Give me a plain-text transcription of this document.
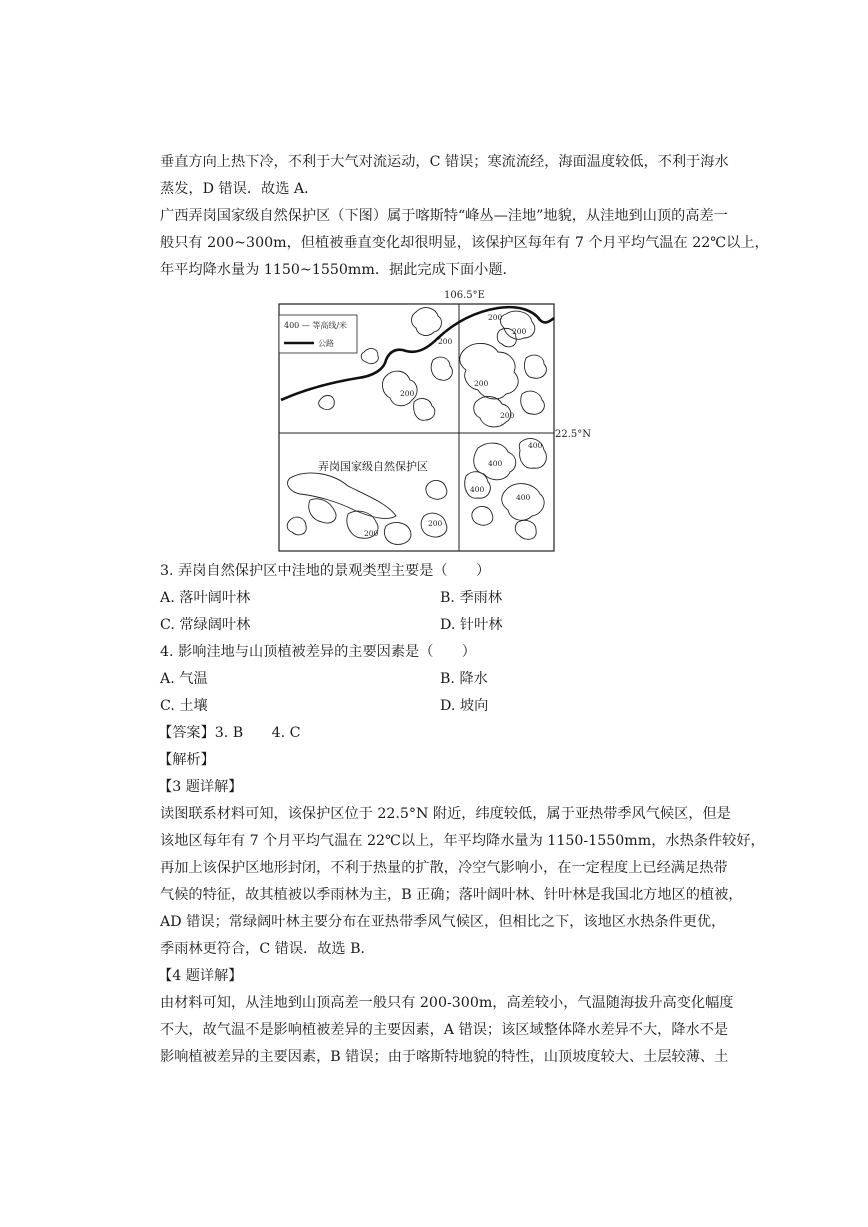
垂直方向上热下冷，不利于大气对流运动，C 错误；寒流流经，海面温度较低，不利于海水
蒸发，D 错误．故选 A．
广西弄岗国家级自然保护区（下图）属于喀斯特“峰丛—洼地”地貌，从洼地到山顶的高差一
般只有 200~300m，但植被垂直变化却很明显，该保护区每年有 7 个月平均气温在 22℃以上，
年平均降水量为 1150~1550mm．据此完成下面小题．
106.5°E
22.5°N
400 — 等高线/米
公路
弄岗国家级自然保护区
200
200
200
200
200
200
200
200
400
400
400
400
3. 弄岗自然保护区中洼地的景观类型主要是（　　）
A. 落叶阔叶林	B. 季雨林
C. 常绿阔叶林	D. 针叶林
4. 影响洼地与山顶植被差异的主要因素是（　　）
A. 气温	B. 降水
C. 土壤	D. 坡向
【答案】3. B　　4. C
【解析】
【3 题详解】
读图联系材料可知，该保护区位于 22.5°N 附近，纬度较低，属于亚热带季风气候区，但是
该地区每年有 7 个月平均气温在 22℃以上，年平均降水量为 1150-1550mm，水热条件较好，
再加上该保护区地形封闭，不利于热量的扩散，冷空气影响小，在一定程度上已经满足热带
气候的特征，故其植被以季雨林为主，B 正确；落叶阔叶林、针叶林是我国北方地区的植被，
AD 错误；常绿阔叶林主要分布在亚热带季风气候区，但相比之下，该地区水热条件更优，
季雨林更符合，C 错误．故选 B．
【4 题详解】
由材料可知，从洼地到山顶高差一般只有 200-300m，高差较小，气温随海拔升高变化幅度
不大，故气温不是影响植被差异的主要因素，A 错误；该区域整体降水差异不大，降水不是
影响植被差异的主要因素，B 错误；由于喀斯特地貌的特性，山顶坡度较大、土层较薄、土
